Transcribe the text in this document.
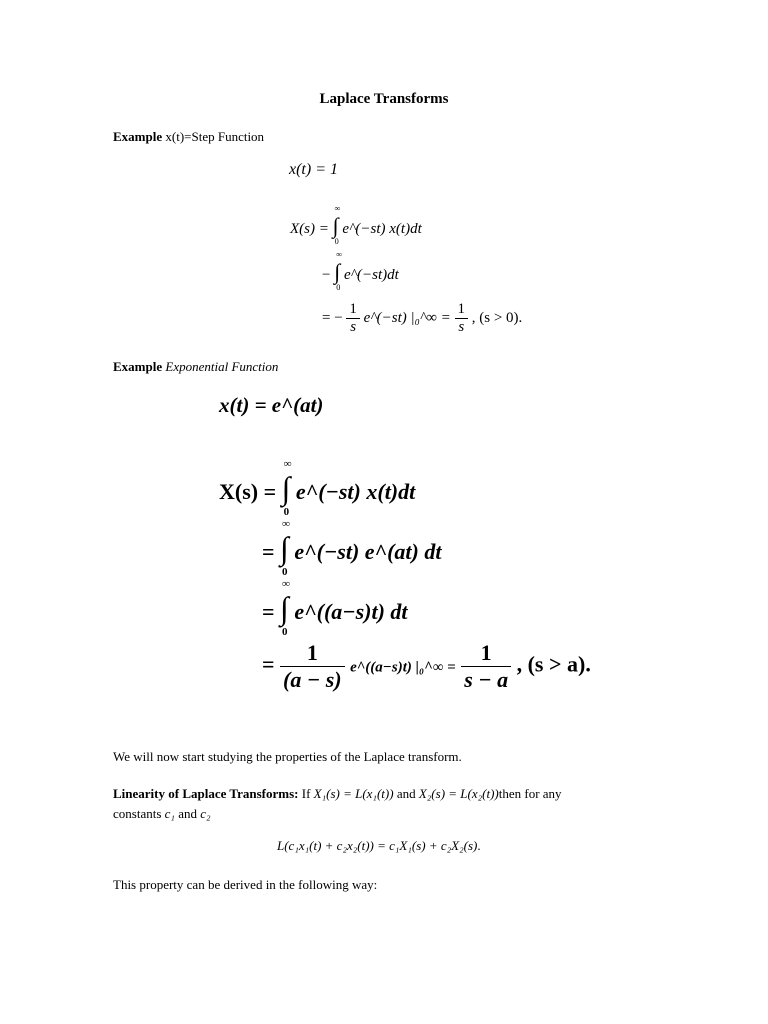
Laplace Transforms
Example x(t)=Step Function
x(t) = 1
X(s) =
∞
∫
0
e^(−st) x(t)dt
−
∞
∫
0
e^(−st)dt
= − $\frac{1}{s}$ e^(−st) |₀^∞ = $\frac{1}{s}$ , (s > 0).
Example Exponential Function
x(t) = e^(at)
X(s) =
∞
∫
0
e^(−st) x(t)dt
=
∞
∫
0
e^(−st) e^(at) dt
=
∞
∫
0
e^((a−s)t) dt
= $\frac{1}{(a - s)}$ e^((a−s)t) |₀^∞ = $\frac{1}{s - a}$ , (s > a).
We will now start studying the properties of the Laplace transform.
Linearity of Laplace Transforms: If X₁(s) = L(x₁(t)) and X₂(s) = L(x₂(t))then for any
constants c₁ and c₂
L(c₁x₁(t) + c₂x₂(t)) = c₁X₁(s) + c₂X₂(s).
This property can be derived in the following way:
